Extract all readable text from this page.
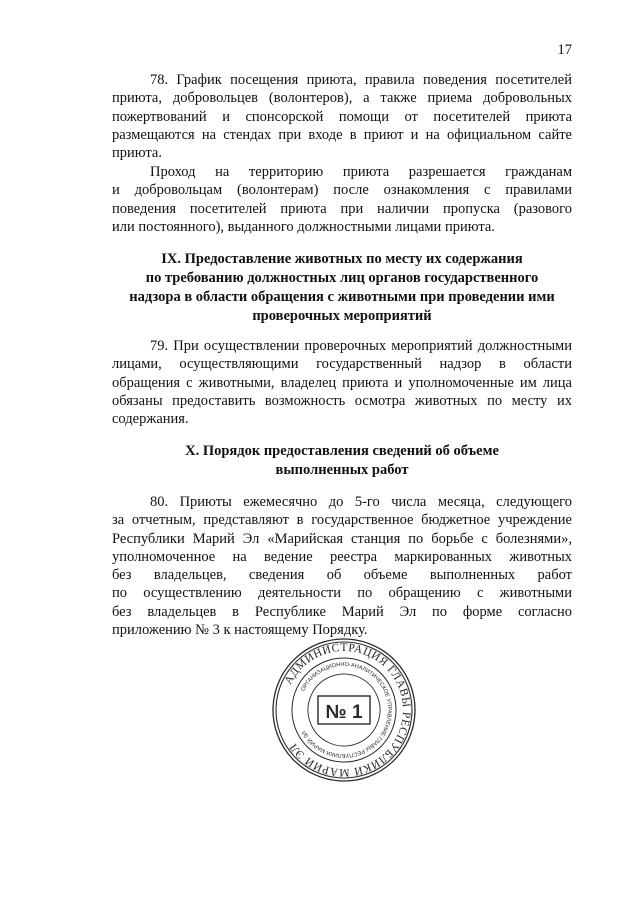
17
78. График посещения приюта, правила поведения посетителей
приюта, добровольцев (волонтеров), а также приема добровольных
пожертвований и спонсорской помощи от посетителей приюта
размещаются на стендах при входе в приют и на официальном сайте
приюта.
Проход на территорию приюта разрешается гражданам
и добровольцам (волонтерам) после ознакомления с правилами
поведения посетителей приюта при наличии пропуска (разового
или постоянного), выданного должностными лицами приюта.
IX. Предоставление животных по месту их содержания
по требованию должностных лиц органов государственного
надзора в области обращения с животными при проведении ими
проверочных мероприятий
79. При осуществлении проверочных мероприятий должностными
лицами, осуществляющими государственный надзор в области
обращения с животными, владелец приюта и уполномоченные им лица
обязаны предоставить возможность осмотра животных по месту их
содержания.
X. Порядок предоставления сведений об объеме
выполненных работ
80. Приюты ежемесячно до 5-го числа месяца, следующего
за отчетным, представляют в государственное бюджетное учреждение
Республики Марий Эл «Марийская станция по борьбе с болезнями»,
уполномоченное на ведение реестра маркированных животных
без владельцев, сведения об объеме выполненных работ
по осуществлению деятельности по обращению с животными
без владельцев в Республике Марий Эл по форме согласно
приложению № 3 к настоящему Порядку.
АДМИНИСТРАЦИЯ ГЛАВЫ РЕСПУБЛИКИ МАРИЙ ЭЛ
ОРГАНИЗАЦИОННО-АНАЛИТИЧЕСКОЕ УПРАВЛЕНИЕ ГЛАВЫ РЕСПУБЛИКИ МАРИЙ ЭЛ
№ 1
